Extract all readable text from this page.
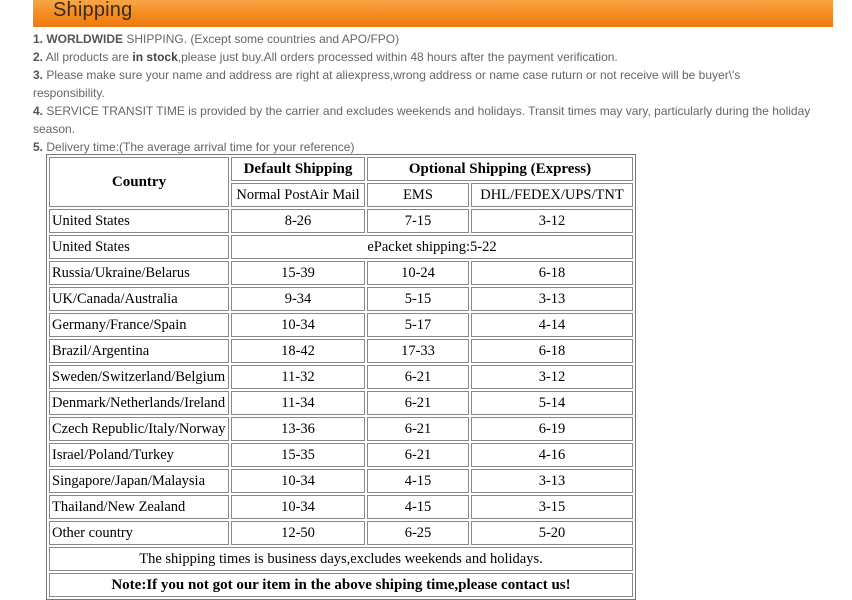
Shipping

1. WORLDWIDE SHIPPING. (Except some countries and APO/FPO)

2. All products are in stock,please just buy.All orders processed within 48 hours after the payment verification.

3. Please make sure your name and address are right at aliexpress,wrong address or name case ruturn or not receive will be buyer\'s
responsibility.

4. SERVICE TRANSIT TIME is provided by the carrier and excludes weekends and holidays. Transit times may vary, particularly during the holiday
season.

5. Delivery time:(The average arrival time for your reference)

Country	Default Shipping	Optional Shipping (Express)	
	Normal PostAir Mail	EMS	DHL/FEDEX/UPS/TNT
United States	8-26	7-15	3-12
United States	ePacket shipping:5-22		
Russia/Ukraine/Belarus	15-39	10-24	6-18
UK/Canada/Australia	9-34	5-15	3-13
Germany/France/Spain	10-34	5-17	4-14
Brazil/Argentina	18-42	17-33	6-18
Sweden/Switzerland/Belgium	11-32	6-21	3-12
Denmark/Netherlands/Ireland	11-34	6-21	5-14
Czech Republic/Italy/Norway	13-36	6-21	6-19
Israel/Poland/Turkey	15-35	6-21	4-16
Singapore/Japan/Malaysia	10-34	4-15	3-13
Thailand/New Zealand	10-34	4-15	3-15
Other country	12-50	6-25	5-20
The shipping times is business days,excludes weekends and holidays.			
Note:If you not got our item in the above shiping time,please contact us!			
